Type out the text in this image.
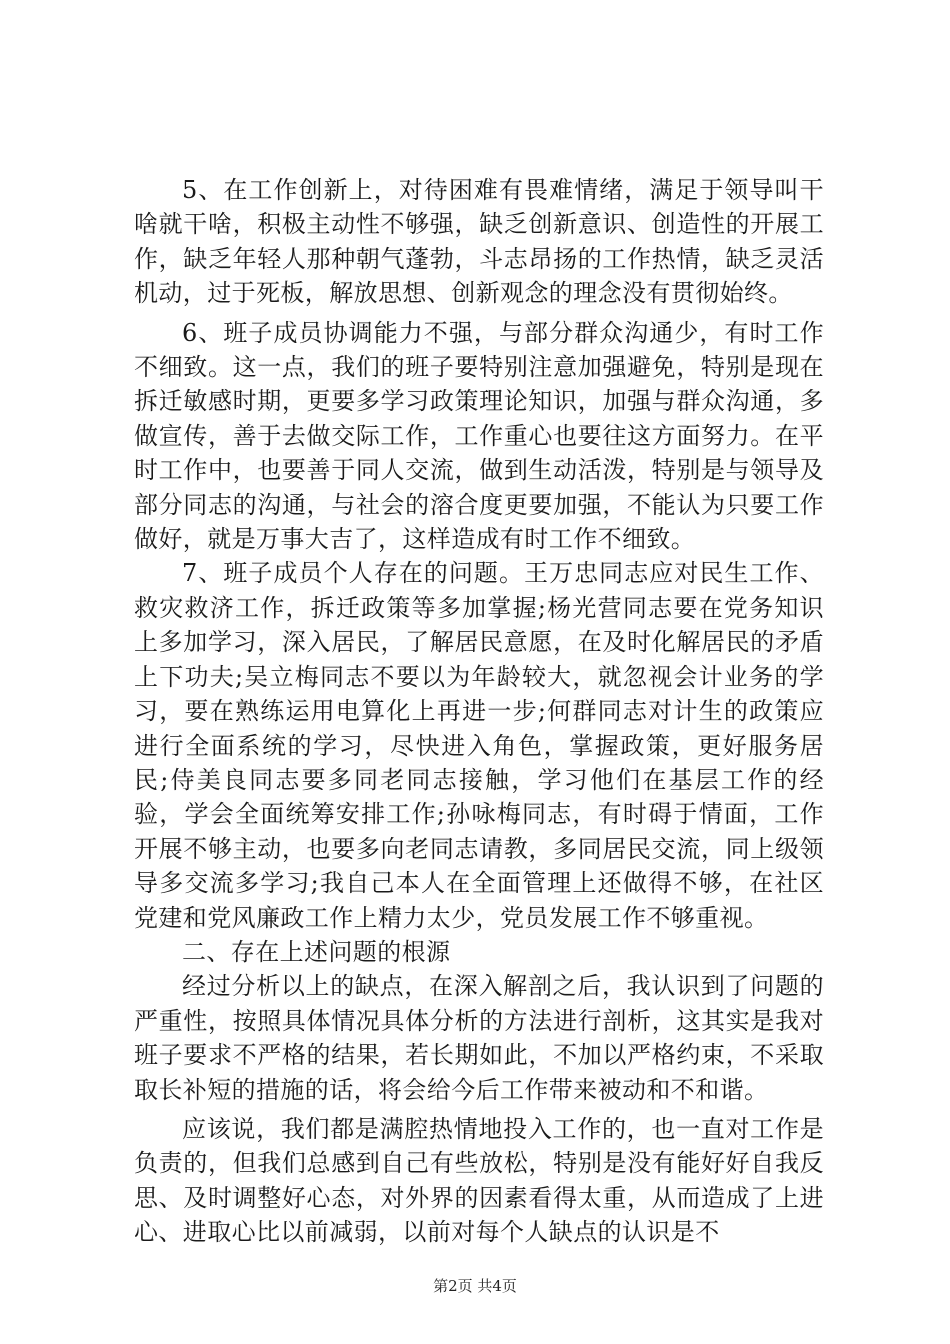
5、在工作创新上，对待困难有畏难情绪，满足于领导叫干啥就干啥，积极主动性不够强，缺乏创新意识、创造性的开展工作，缺乏年轻人那种朝气蓬勃，斗志昂扬的工作热情，缺乏灵活机动，过于死板，解放思想、创新观念的理念没有贯彻始终。

6、班子成员协调能力不强，与部分群众沟通少，有时工作不细致。这一点，我们的班子要特别注意加强避免，特别是现在拆迁敏感时期，更要多学习政策理论知识，加强与群众沟通，多做宣传，善于去做交际工作，工作重心也要往这方面努力。在平时工作中，也要善于同人交流，做到生动活泼，特别是与领导及部分同志的沟通，与社会的溶合度更要加强，不能认为只要工作做好，就是万事大吉了，这样造成有时工作不细致。

7、班子成员个人存在的问题。王万忠同志应对民生工作、救灾救济工作，拆迁政策等多加掌握;杨光营同志要在党务知识上多加学习，深入居民，了解居民意愿，在及时化解居民的矛盾上下功夫;吴立梅同志不要以为年龄较大，就忽视会计业务的学习，要在熟练运用电算化上再进一步;何群同志对计生的政策应进行全面系统的学习，尽快进入角色，掌握政策，更好服务居民;侍美良同志要多同老同志接触，学习他们在基层工作的经验，学会全面统筹安排工作;孙咏梅同志，有时碍于情面，工作开展不够主动，也要多向老同志请教，多同居民交流，同上级领导多交流多学习;我自己本人在全面管理上还做得不够，在社区党建和党风廉政工作上精力太少，党员发展工作不够重视。

二、存在上述问题的根源

经过分析以上的缺点，在深入解剖之后，我认识到了问题的严重性，按照具体情况具体分析的方法进行剖析，这其实是我对班子要求不严格的结果，若长期如此，不加以严格约束，不采取取长补短的措施的话，将会给今后工作带来被动和不和谐。

应该说，我们都是满腔热情地投入工作的，也一直对工作是负责的，但我们总感到自己有些放松，特别是没有能好好自我反思、及时调整好心态，对外界的因素看得太重，从而造成了上进心、进取心比以前减弱，以前对每个人缺点的认识是不

第2页 共4页
